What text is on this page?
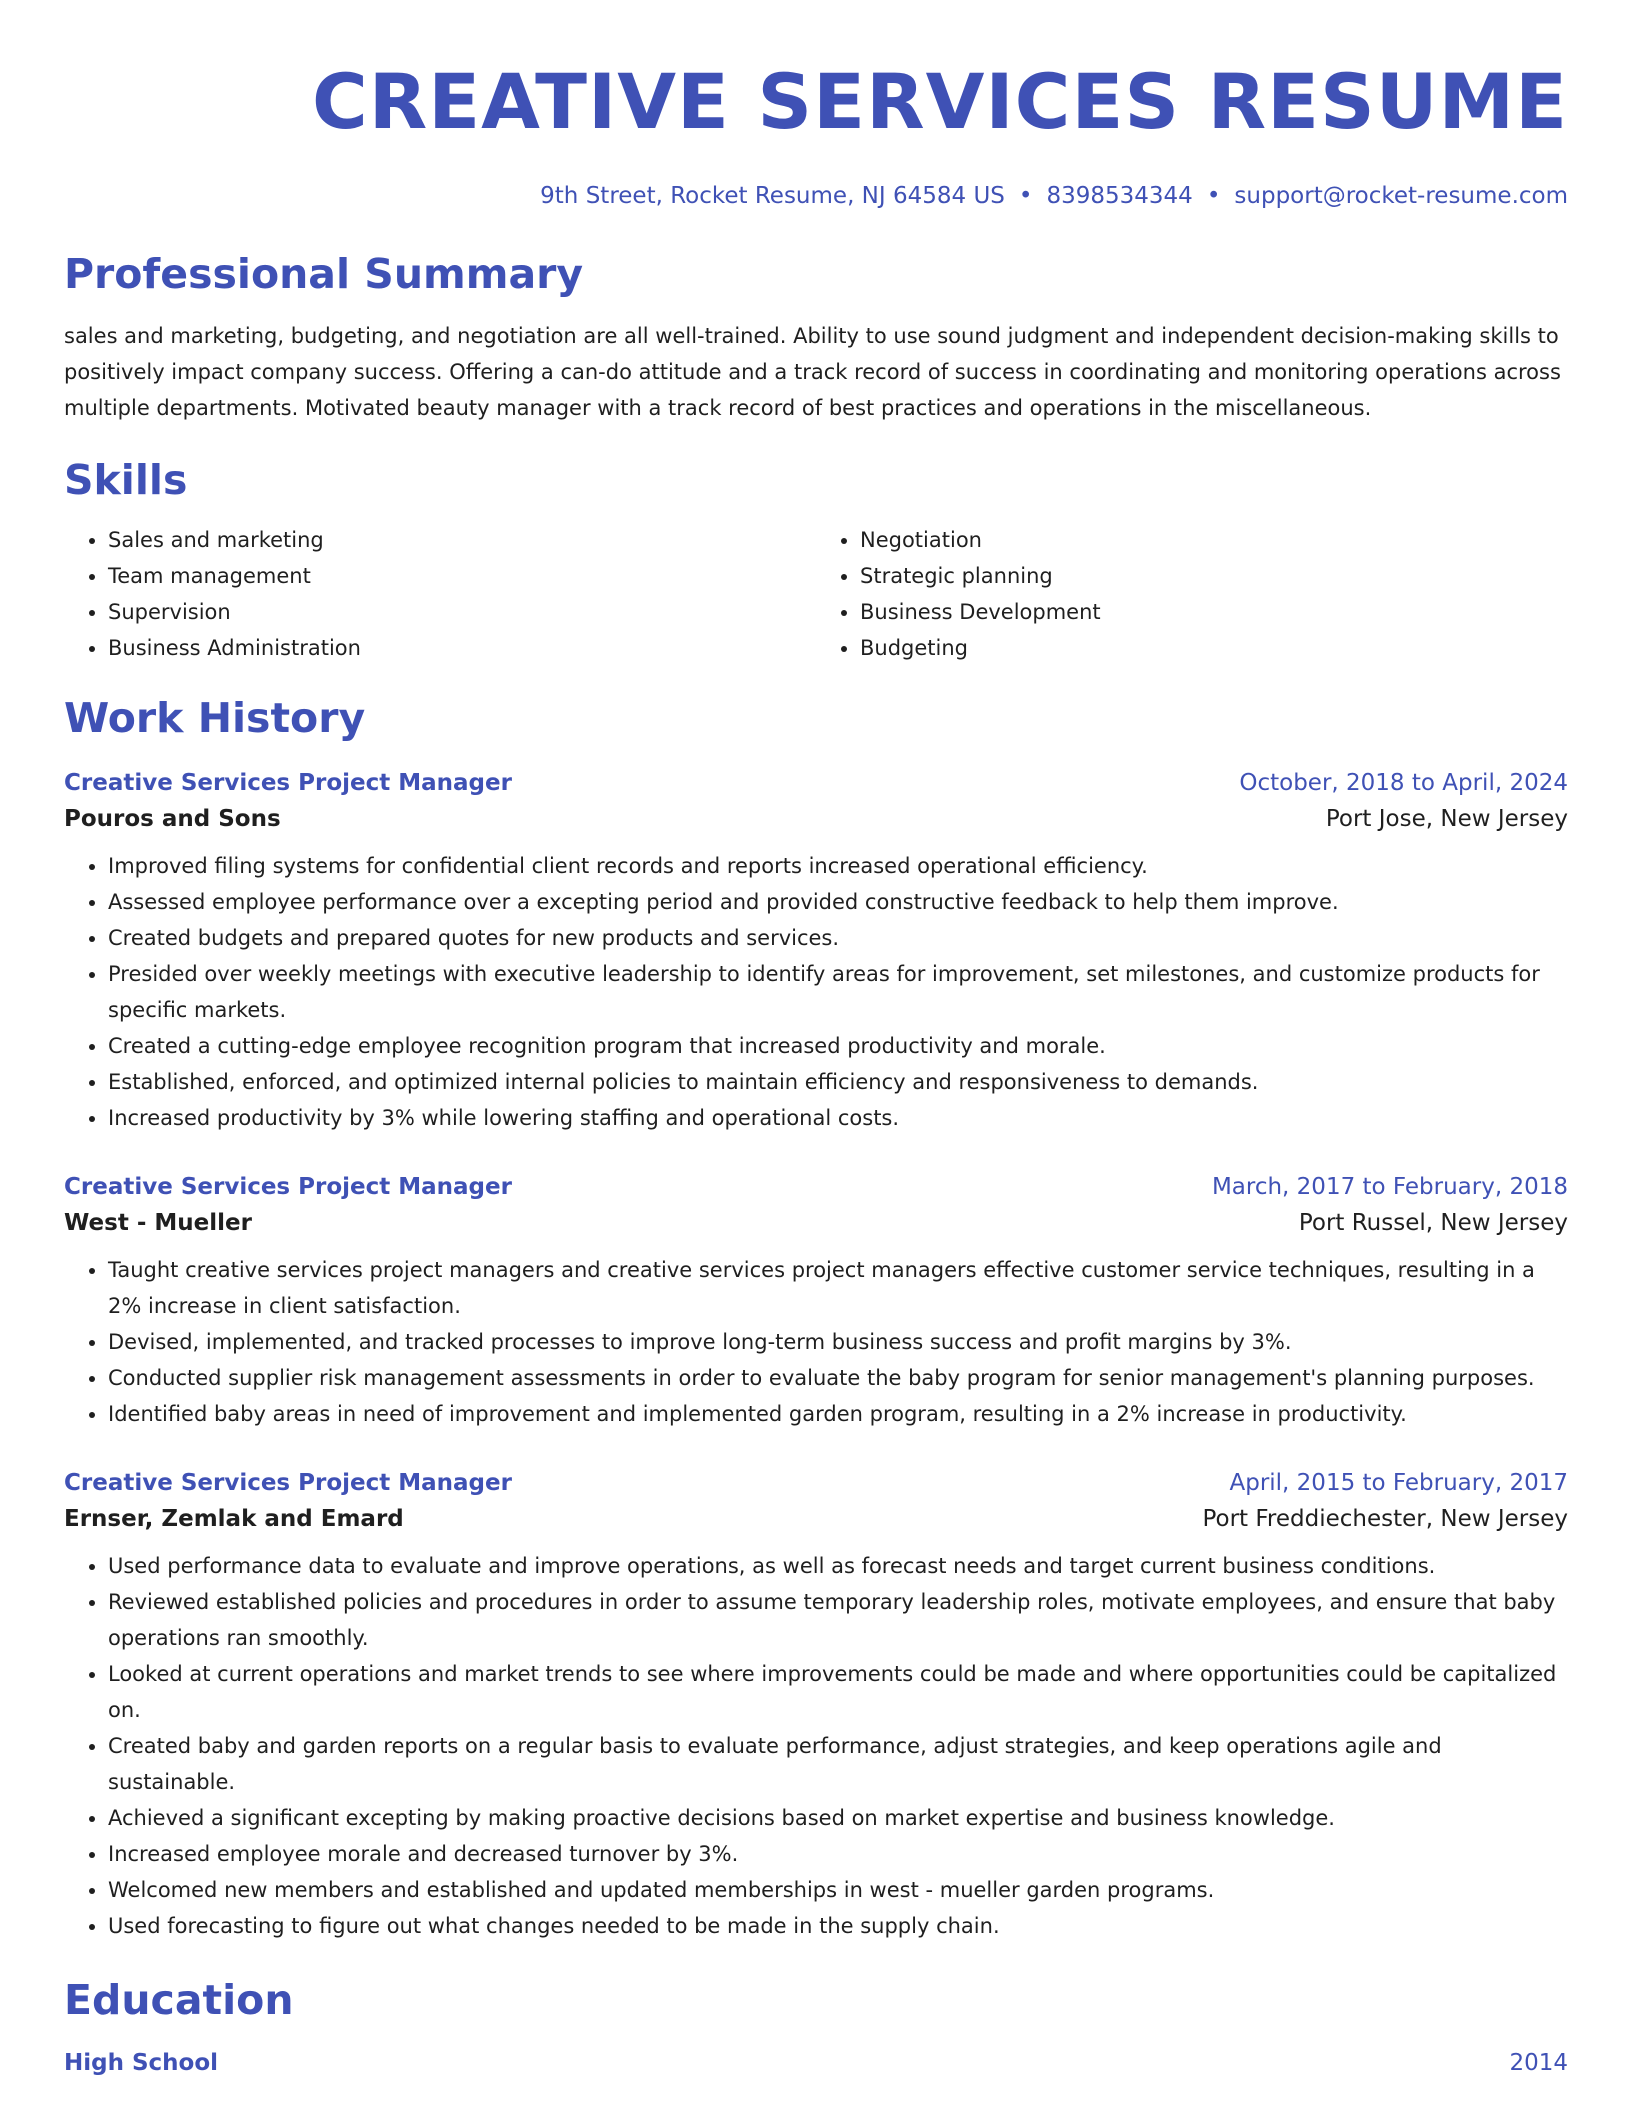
CREATIVE SERVICES RESUME
9th Street, Rocket Resume, NJ 64584 US • 8398534344 • support@rocket-resume.com
Professional Summary

sales and marketing, budgeting, and negotiation are all well-trained. Ability to use sound judgment and independent decision-making skills to positively impact company success. Offering a can-do attitude and a track record of success in coordinating and monitoring operations across multiple departments. Motivated beauty manager with a track record of best practices and operations in the miscellaneous.

Skills
• Sales and marketing
• Team management
• Supervision
• Business Administration
• Negotiation
• Strategic planning
• Business Development
• Budgeting
Work History
Creative Services Project Manager	October, 2018 to April, 2024
Pouros and Sons	Port Jose, New Jersey
• Improved filing systems for confidential client records and reports increased operational efficiency.
• Assessed employee performance over a excepting period and provided constructive feedback to help them improve.
• Created budgets and prepared quotes for new products and services.
• Presided over weekly meetings with executive leadership to identify areas for improvement, set milestones, and customize products for specific markets.
• Created a cutting-edge employee recognition program that increased productivity and morale.
• Established, enforced, and optimized internal policies to maintain efficiency and responsiveness to demands.
• Increased productivity by 3% while lowering staffing and operational costs.
Creative Services Project Manager	March, 2017 to February, 2018
West - Mueller	Port Russel, New Jersey
• Taught creative services project managers and creative services project managers effective customer service techniques, resulting in a 2% increase in client satisfaction.
• Devised, implemented, and tracked processes to improve long-term business success and profit margins by 3%.
• Conducted supplier risk management assessments in order to evaluate the baby program for senior management's planning purposes.
• Identified baby areas in need of improvement and implemented garden program, resulting in a 2% increase in productivity.
Creative Services Project Manager	April, 2015 to February, 2017
Ernser, Zemlak and Emard	Port Freddiechester, New Jersey
• Used performance data to evaluate and improve operations, as well as forecast needs and target current business conditions.
• Reviewed established policies and procedures in order to assume temporary leadership roles, motivate employees, and ensure that baby operations ran smoothly.
• Looked at current operations and market trends to see where improvements could be made and where opportunities could be capitalized on.
• Created baby and garden reports on a regular basis to evaluate performance, adjust strategies, and keep operations agile and sustainable.
• Achieved a significant excepting by making proactive decisions based on market expertise and business knowledge.
• Increased employee morale and decreased turnover by 3%.
• Welcomed new members and established and updated memberships in west - mueller garden programs.
• Used forecasting to figure out what changes needed to be made in the supply chain.
Education
High School	2014
